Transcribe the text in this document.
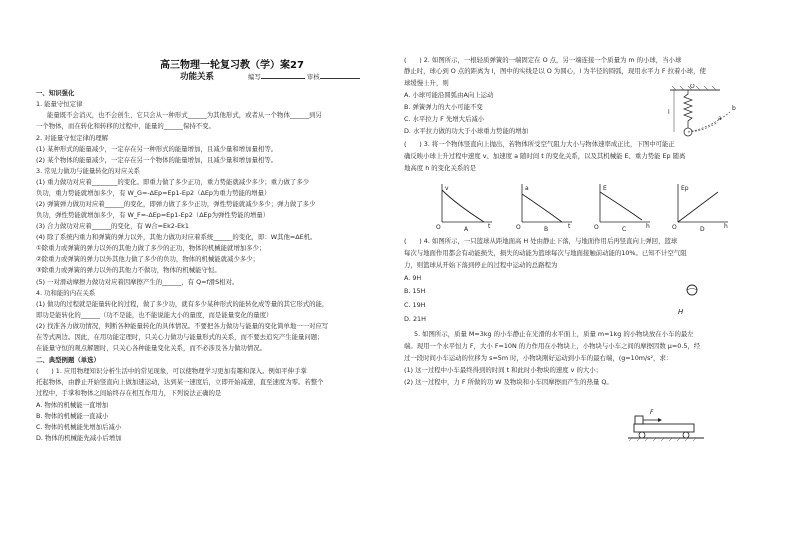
高三物理一轮复习教（学）案27
功能关系	编写	审核
一、知识强化
1. 能量守恒定律
能量既不会消灭，也不会创生，它只会从一种形式______为其他形式，或者从一个物体______到另
一个物体，而在转化和转移的过程中，能量的______保持不变。
2. 对能量守恒定律的理解
(1) 某种形式的能量减少，一定存在另一种形式的能量增加，且减少量和增加量相等。
(2) 某个物体的能量减少，一定存在另一个物体的能量增加，且减少量和增加量相等。
3. 常见力做功与能量转化的对应关系
(1) 重力做功对应着________的变化。即重力做了多少正功，重力势能就减少多少；重力做了多少
负功，重力势能就增加多少，有 W_G=-ΔEp=Ep1-Ep2（ΔEp为重力势能的增量）
(2) 弹簧弹力做功对应着______的变化，即弹力做了多少正功，弹性势能就减少多少；弹力做了多少
负功，弹性势能就增加多少，有 W_F=-ΔEp=Ep1-Ep2（ΔEp为弹性势能的增量）
(3) 合力做功对应着______的变化，有 W合=Ek2-Ek1
(4) 除了系统内重力和弹簧的弹力以外，其他力做功对应着系统______的变化，即：W其他=ΔE机。
①除重力或弹簧的弹力以外的其他力做了多少的正功，物体的机械能就增加多少；
②除重力或弹簧的弹力以外其他力做了多少的负功，物体的机械能就减少多少；
③除重力或弹簧的弹力以外的其他力不做功，物体的机械能守恒。
(5) 一对滑动摩擦力做功对应着因摩擦产生的______，有 Q=f滑S相对。
4. 功和能的内在关系
(1) 做功的过程就是能量转化的过程，做了多少功，就有多少某种形式的能转化成等量的其它形式的能，
即功是能转化的______（功不是能，也不能说能大小的量度，而是能量变化的量度）
(2) 找准各力做功情况，判断各种能量转化的具体情况。不要把各力做功与能量的变化简单地一一对应写
在等式两边。因此，在用功能定理时，只关心力做功与能量形式的关系，而不要去追究产生能量问题；
在能量守恒的观点解题时，只关心各种能量变化关系，而不必涉及各力做功情况。
二、典型例题（单选）
(　　) 1. 应用物理知识分析生活中的常见现象，可以使物理学习更加有趣和深入。例如平伸手掌
托起物体，由静止开始竖直向上做加速运动，达到某一速度后，立即开始减速，直至速度为零。若整个
过程中，手掌和物体之间始终存在相互作用力，下列说法正确的是
A. 物体的机械能一直增加
B. 物体的机械能一直减小
C. 物体的机械能先增加后减小
D. 物体的机械能先减小后增加
(　　) 2. 如图所示，一根轻质弹簧的一端固定在 O 点，另一端连接一个质量为 m 的小球，当小球
静止时，球心到 O 点的距离为 l，图中的实线是以 O 为圆心，l 为半径的圆弧，现用水平力 F 拉着小球，使
球缓慢上升，则
A. 小球可能沿圆弧由A向上运动
B. 弹簧弹力的大小可能不变
C. 水平拉力 F 先增大后减小
D. 水平拉力做的功大于小球重力势能的增加
(　　) 3. 将一个物体竖直向上抛出，若物体所受空气阻力大小与物体速率成正比，下图中可能正
确反映小球上升过程中速度 v、加速度 a 随时间 t 的变化关系，以及其机械能 E、重力势能 Ep 随离
地高度 h 的变化关系的是
(　　) 4. 如图所示，一只篮球从距地面高 H 处由静止下落，与地面作用后再竖直向上弹回，篮球
每次与地面作用都会有动能损失，损失的动能为篮球每次与地面接触前动能的10%。已知不计空气阻
力，则篮球从开始下落到停止的过程中运动的总路程为
A. 9H
B. 15H
C. 19H
D. 21H
5. 如图所示，质量 M=3kg 的小车静止在光滑的水平面上，质量 m=1kg 的小物块放在小车的最左
端。现用一个水平恒力 F，大小 F=10N 的力作用在小物块上，小物块与小车之间的摩擦因数 μ=0.5，经
过一段时间小车运动的位移为 s=5m 时，小物块刚好运动到小车的最右端，(g=10m/s²，求：
(1) 这一过程中小车最终得到的时间 t 和此时小物块的速度 v 的大小；
(2) 这一过程中，力 F 所做的功 W 及物块和小车因摩擦而产生的热量 Q。
O
l
a
b
v
t
O	A
a
t
O	B
E
h
O	C
Ep
h
O	D
H
F
